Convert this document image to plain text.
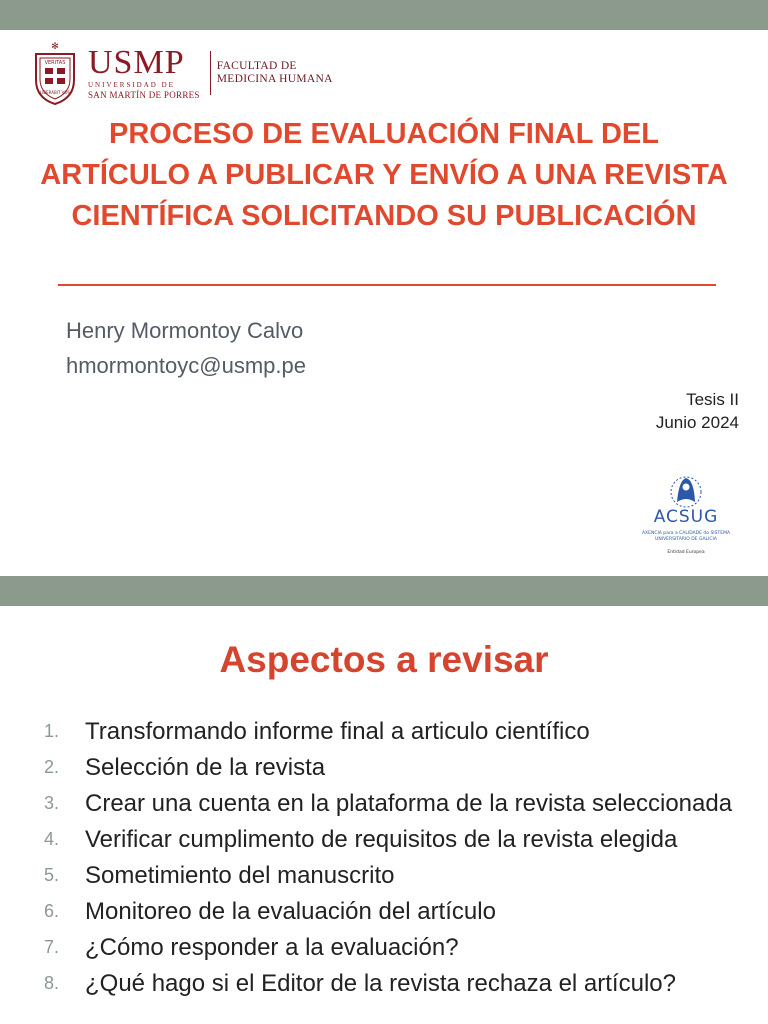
✻
VERITAS
LIBERABIT VOS
USMP
UNIVERSIDAD DE
SAN MARTÍN DE PORRES
FACULTAD DE
MEDICINA HUMANA
PROCESO DE EVALUACIÓN FINAL DEL ARTÍCULO A PUBLICAR Y ENVÍO A UNA REVISTA CIENTÍFICA SOLICITANDO SU PUBLICACIÓN
Henry Mormontoy Calvo
hmormontoyc@usmp.pe
Tesis II
Junio 2024
ACSUG
AXENCIA para a CALIDADE do SISTEMA
UNIVERSITARIO DE GALICIA
Entidad Europea
Aspectos a revisar
1.	Transformando informe final a articulo científico
2.	Selección de la revista
3.	Crear una cuenta en la plataforma de la revista seleccionada
4.	Verificar cumplimento de requisitos de la revista elegida
5.	Sometimiento del manuscrito
6.	Monitoreo de la evaluación del artículo
7.	¿Cómo responder a la evaluación?
8.	¿Qué hago si el Editor de la revista rechaza el artículo?
